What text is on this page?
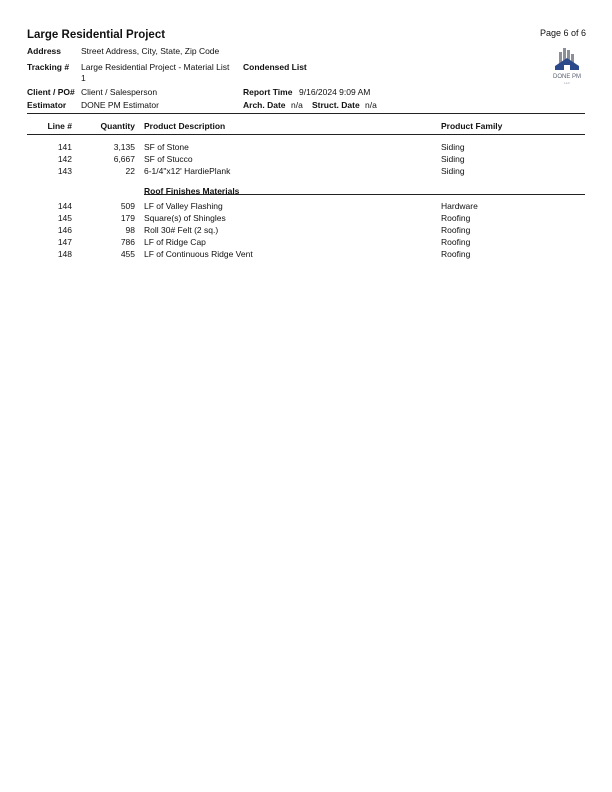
Large Residential Project	Page 6 of 6
DONE PM
LLC
Address Street Address, City, State, Zip Code
Tracking # Large Residential Project - Material List
1
Condensed List
Client / PO# Client / Salesperson	Report Time 9/16/2024 9:09 AM
Estimator DONE PM Estimator	Arch. Date n/a Struct. Date n/a
Line #	Quantity Product Description	Product Family
141	3,135 SF of Stone	Siding
142	6,667 SF of Stucco	Siding
143	22 6-1/4"x12' HardiePlank	Siding
Roof Finishes Materials
144	509 LF of Valley Flashing	Hardware
145	179 Square(s) of Shingles	Roofing
146	98 Roll 30# Felt (2 sq.)	Roofing
147	786 LF of Ridge Cap	Roofing
148	455 LF of Continuous Ridge Vent	Roofing
